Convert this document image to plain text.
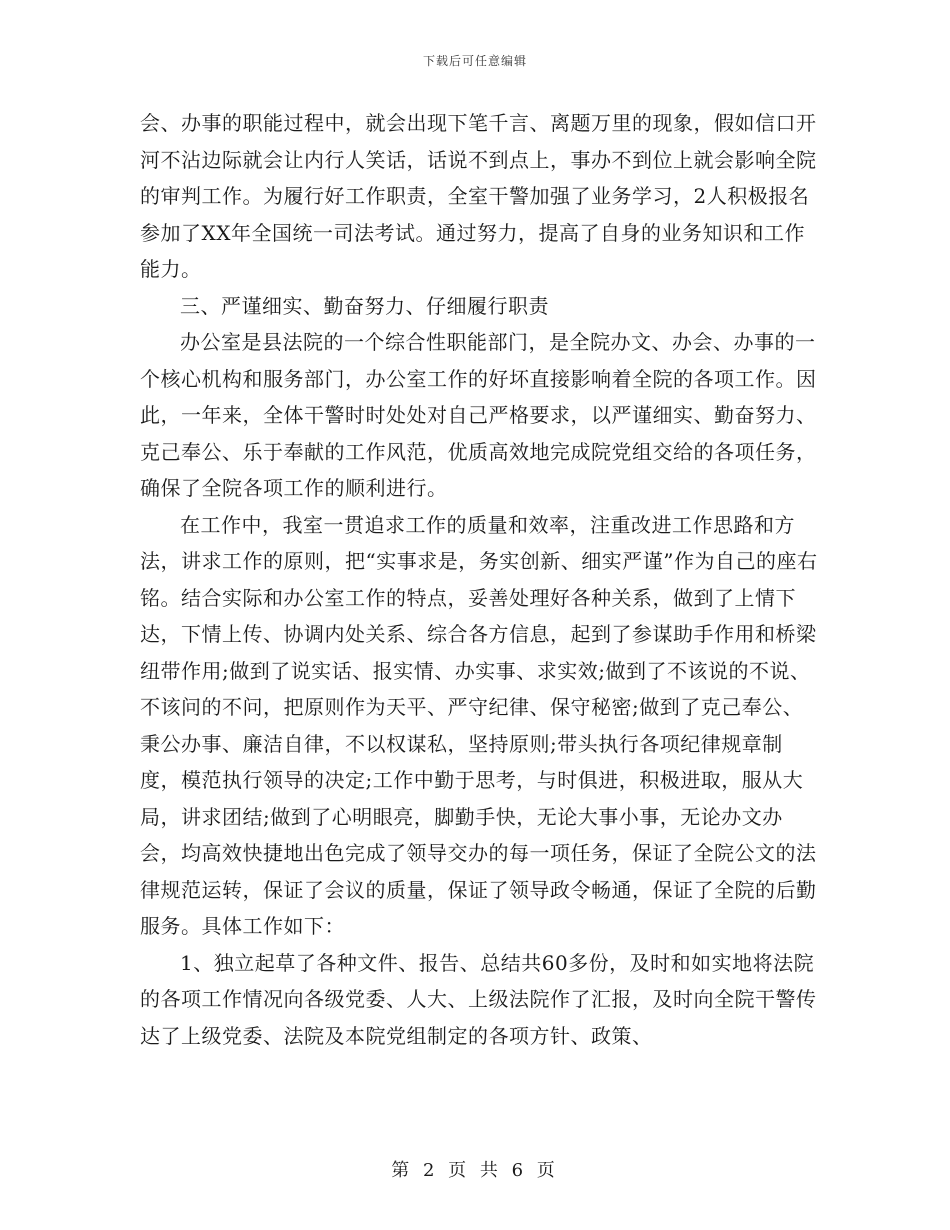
下载后可任意编辑

会、办事的职能过程中，就会出现下笔千言、离题万里的现象，假如信口开河不沾边际就会让内行人笑话，话说不到点上，事办不到位上就会影响全院的审判工作。为履行好工作职责，全室干警加强了业务学习，2人积极报名参加了XX年全国统一司法考试。通过努力，提高了自身的业务知识和工作能力。

三、严谨细实、勤奋努力、仔细履行职责

办公室是县法院的一个综合性职能部门，是全院办文、办会、办事的一个核心机构和服务部门，办公室工作的好坏直接影响着全院的各项工作。因此，一年来，全体干警时时处处对自己严格要求，以严谨细实、勤奋努力、克己奉公、乐于奉献的工作风范，优质高效地完成院党组交给的各项任务，确保了全院各项工作的顺利进行。

在工作中，我室一贯追求工作的质量和效率，注重改进工作思路和方法，讲求工作的原则，把“实事求是，务实创新、细实严谨”作为自己的座右铭。结合实际和办公室工作的特点，妥善处理好各种关系，做到了上情下达，下情上传、协调内处关系、综合各方信息，起到了参谋助手作用和桥梁纽带作用;做到了说实话、报实情、办实事、求实效;做到了不该说的不说、不该问的不问，把原则作为天平、严守纪律、保守秘密;做到了克己奉公、秉公办事、廉洁自律，不以权谋私，坚持原则;带头执行各项纪律规章制度，模范执行领导的决定;工作中勤于思考，与时俱进，积极进取，服从大局，讲求团结;做到了心明眼亮，脚勤手快，无论大事小事，无论办文办会，均高效快捷地出色完成了领导交办的每一项任务，保证了全院公文的法律规范运转，保证了会议的质量，保证了领导政令畅通，保证了全院的后勤服务。具体工作如下：

1、独立起草了各种文件、报告、总结共60多份，及时和如实地将法院的各项工作情况向各级党委、人大、上级法院作了汇报，及时向全院干警传达了上级党委、法院及本院党组制定的各项方针、政策、

第 2 页 共 6 页
